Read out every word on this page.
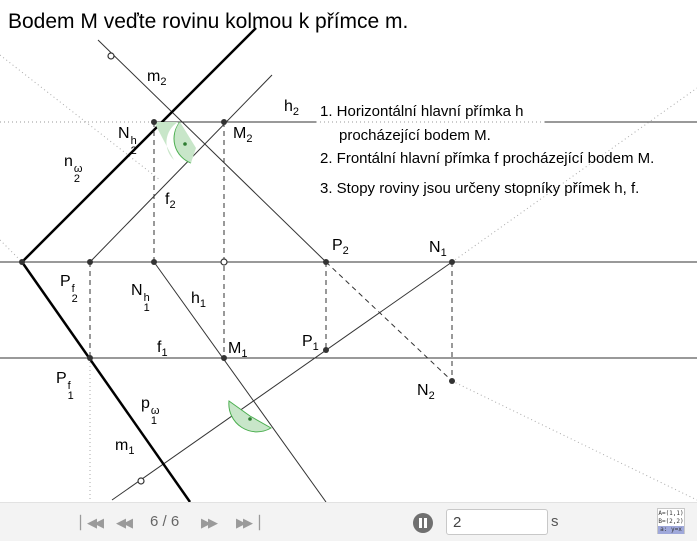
Bodem M veďte rovinu kolmou k přímce m.
1. Horizontální hlavní přímka h
procházející bodem M.
2. Frontální hlavní přímka f procházející bodem M.
3. Stopy roviny jsou určeny stopníky přímek h, f.
$m_2$
$h_2$
N h
2
$M_2$
n ω
2
$f_2$
$P_2$	$N_1$
P f
2	N h
1
$h_1$
$P_1$
$f_1$	$M_1$
P f
1	$N_2$
p ω
1
$m_1$
▏◀◀ ◀◀ 6 / 6 ▶▶ ▶▶▕
2	s	A=(1,1)
B=(2,2)
a: y=x
